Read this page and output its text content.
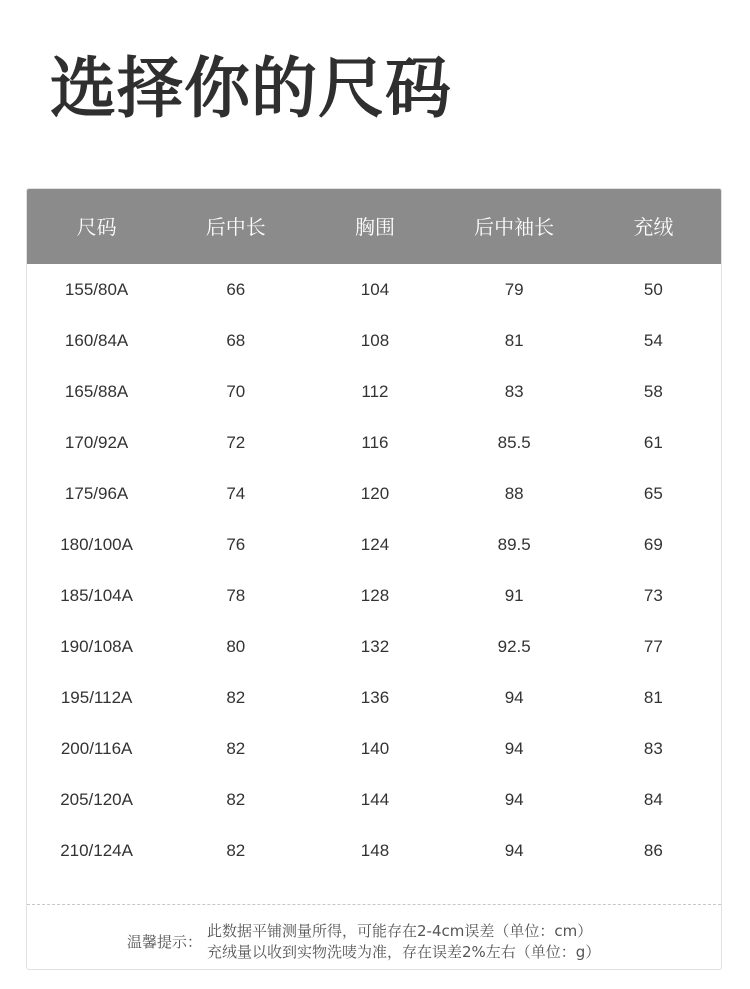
选择你的尺码
尺码	后中长	胸围	后中袖长	充绒
155/80A	66	104	79	50
160/84A	68	108	81	54
165/88A	70	112	83	58
170/92A	72	116	85.5	61
175/96A	74	120	88	65
180/100A	76	124	89.5	69
185/104A	78	128	91	73
190/108A	80	132	92.5	77
195/112A	82	136	94	81
200/116A	82	140	94	83
205/120A	82	144	94	84
210/124A	82	148	94	86
温馨提示：
此数据平铺测量所得，可能存在2-4cm误差（单位：cm）
充绒量以收到实物洗唛为准，存在误差2%左右（单位：g）
